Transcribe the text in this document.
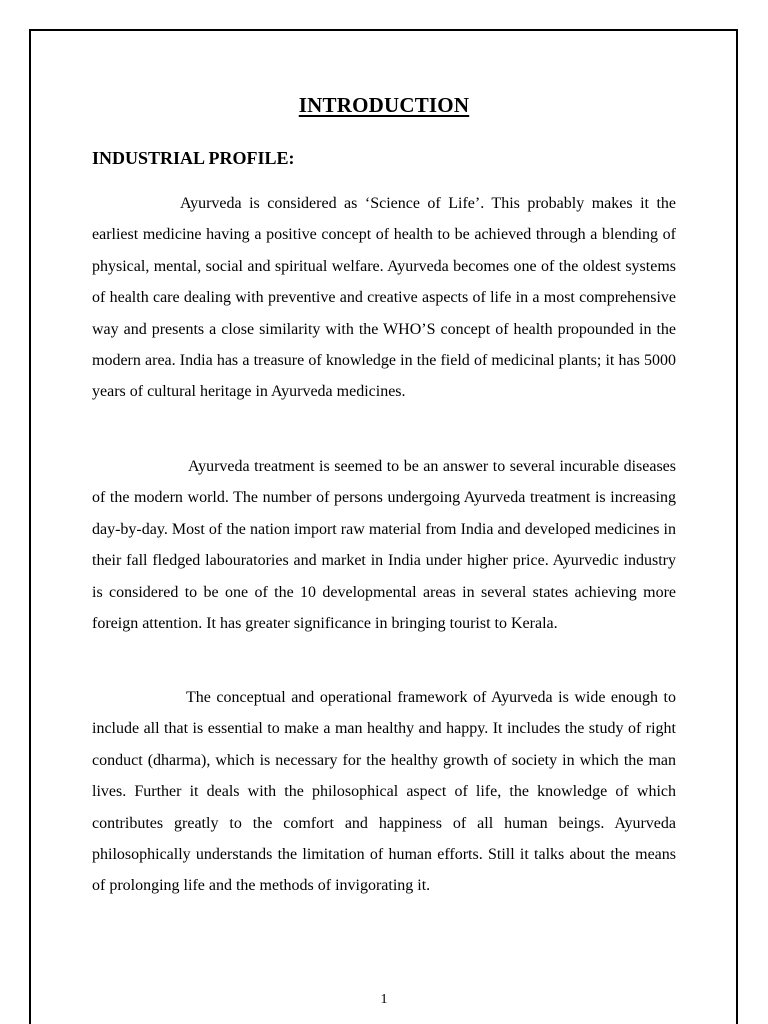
INTRODUCTION
INDUSTRIAL PROFILE:

Ayurveda is considered as ‘Science of Life’. This probably makes it the earliest medicine having a positive concept of health to be achieved through a blending of physical, mental, social and spiritual welfare. Ayurveda becomes one of the oldest systems of health care dealing with preventive and creative aspects of life in a most comprehensive way and presents a close similarity with the WHO’S concept of health propounded in the modern area. India has a treasure of knowledge in the field of medicinal plants; it has 5000 years of cultural heritage in Ayurveda medicines.

Ayurveda treatment is seemed to be an answer to several incurable diseases of the modern world. The number of persons undergoing Ayurveda treatment is increasing day-by-day. Most of the nation import raw material from India and developed medicines in their fall fledged labouratories and market in India under higher price. Ayurvedic industry is considered to be one of the 10 developmental areas in several states achieving more foreign attention. It has greater significance in bringing tourist to Kerala.

The conceptual and operational framework of Ayurveda is wide enough to include all that is essential to make a man healthy and happy. It includes the study of right conduct (dharma), which is necessary for the healthy growth of society in which the man lives. Further it deals with the philosophical aspect of life, the knowledge of which contributes greatly to the comfort and happiness of all human beings. Ayurveda philosophically understands the limitation of human efforts. Still it talks about the means of prolonging life and the methods of invigorating it.

1
